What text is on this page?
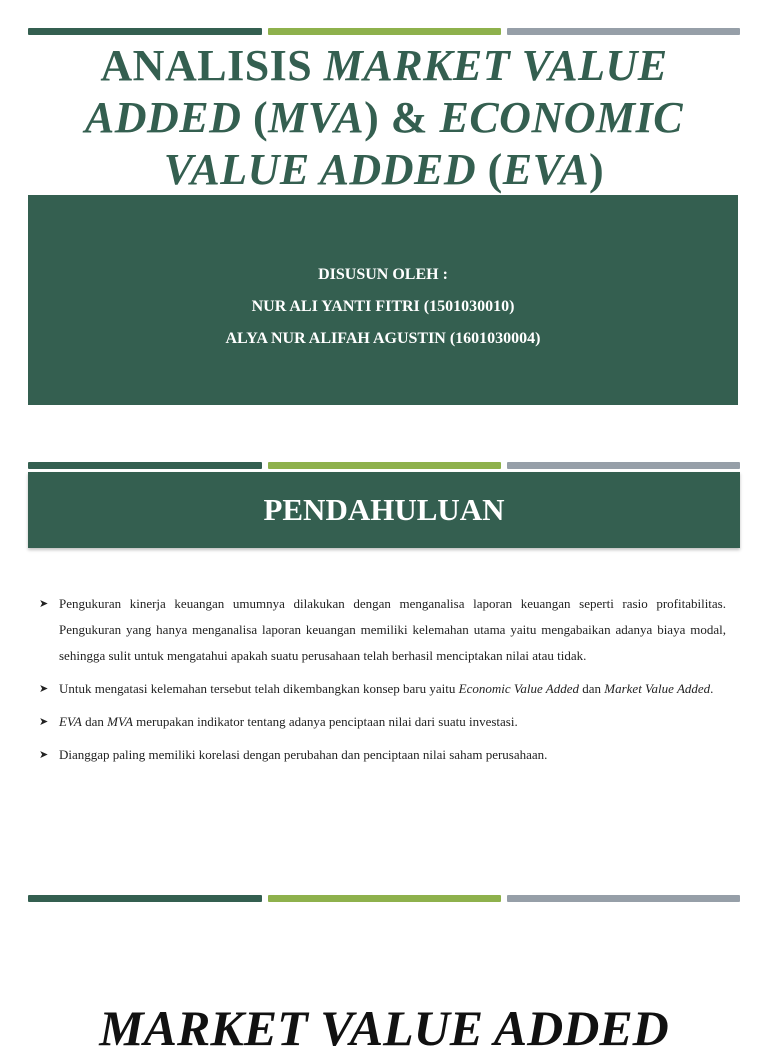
ANALISIS MARKET VALUE ADDED (MVA) & ECONOMIC VALUE ADDED (EVA)
DISUSUN OLEH :
NUR ALI YANTI FITRI (1501030010)
ALYA NUR ALIFAH AGUSTIN (1601030004)
PENDAHULUAN
➤ Pengukuran kinerja keuangan umumnya dilakukan dengan menganalisa laporan keuangan seperti rasio profitabilitas. Pengukuran yang hanya menganalisa laporan keuangan memiliki kelemahan utama yaitu mengabaikan adanya biaya modal, sehingga sulit untuk mengatahui apakah suatu perusahaan telah berhasil menciptakan nilai atau tidak.
➤ Untuk mengatasi kelemahan tersebut telah dikembangkan konsep baru yaitu Economic Value Added dan Market Value Added.
➤ EVA dan MVA merupakan indikator tentang adanya penciptaan nilai dari suatu investasi.
➤ Dianggap paling memiliki korelasi dengan perubahan dan penciptaan nilai saham perusahaan.
MARKET VALUE ADDED
